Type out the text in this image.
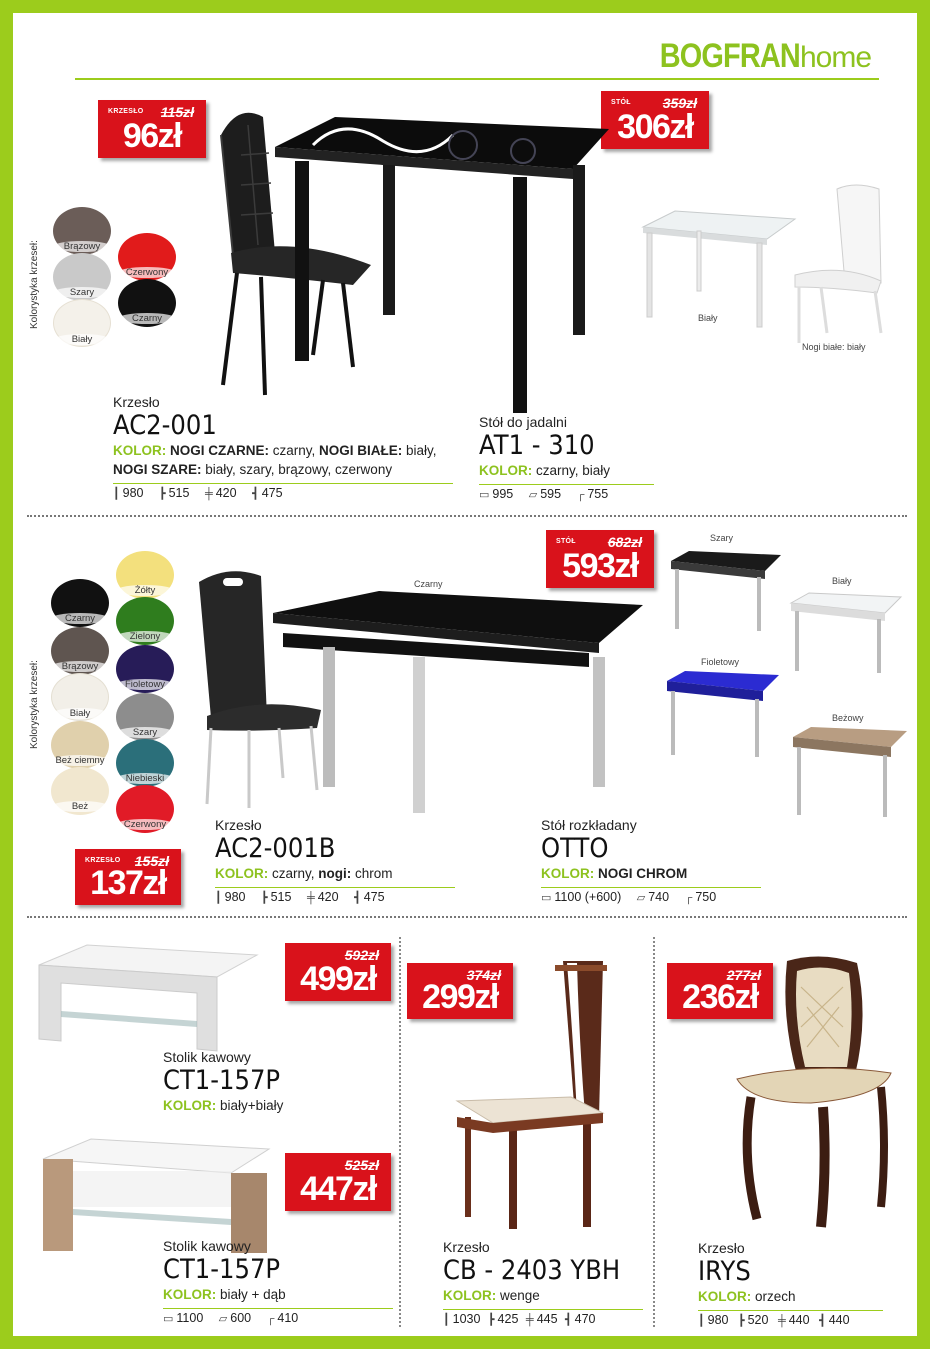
BOGFRANhome
Kolorystyka krzeseł:	Brązowy
Szary
Biały
Czerwony
Czarny
KRZESŁO 115zł
96zł
STÓŁ 359zł
306zł
Biały
Nogi białe: biały
Krzesło
AC2-001
KOLOR: NOGI CZARNE: czarny, NOGI BIAŁE: biały,
NOGI SZARE: biały, szary, brązowy, czerwony
┃ 980 ┣ 515 ╪ 420 ┫ 475
Stół do jadalni
AT1 - 310
KOLOR: czarny, biały
▭ 995 ▱ 595 ┌ 755
Kolorystyka krzeseł:
Czarny
Brązowy
Biały
Beż ciemny
Beż
Żółty
Zielony
Fioletowy
Szary
Niebieski
Czerwony
Czarny
STÓŁ 682zł
593zł
KRZESŁO 155zł
137zł
Szary
Biały
Fioletowy
Beżowy
Krzesło
AC2-001B
KOLOR: czarny, nogi: chrom
┃ 980 ┣ 515 ╪ 420 ┫ 475
Stół rozkładany
OTTO
KOLOR: NOGI CHROM
▭ 1100 (+600) ▱ 740 ┌ 750
592zł
499zł
Stolik kawowy
CT1-157P
KOLOR: biały+biały
525zł
447zł
Stolik kawowy
CT1-157P
KOLOR: biały + dąb
▭ 1100 ▱ 600 ┌ 410
374zł
299zł
Krzesło
CB - 2403 YBH
KOLOR: wenge
┃ 1030 ┣ 425 ╪ 445 ┫ 470
277zł
236zł
Krzesło
IRYS
KOLOR: orzech
┃ 980 ┣ 520 ╪ 440 ┫ 440
